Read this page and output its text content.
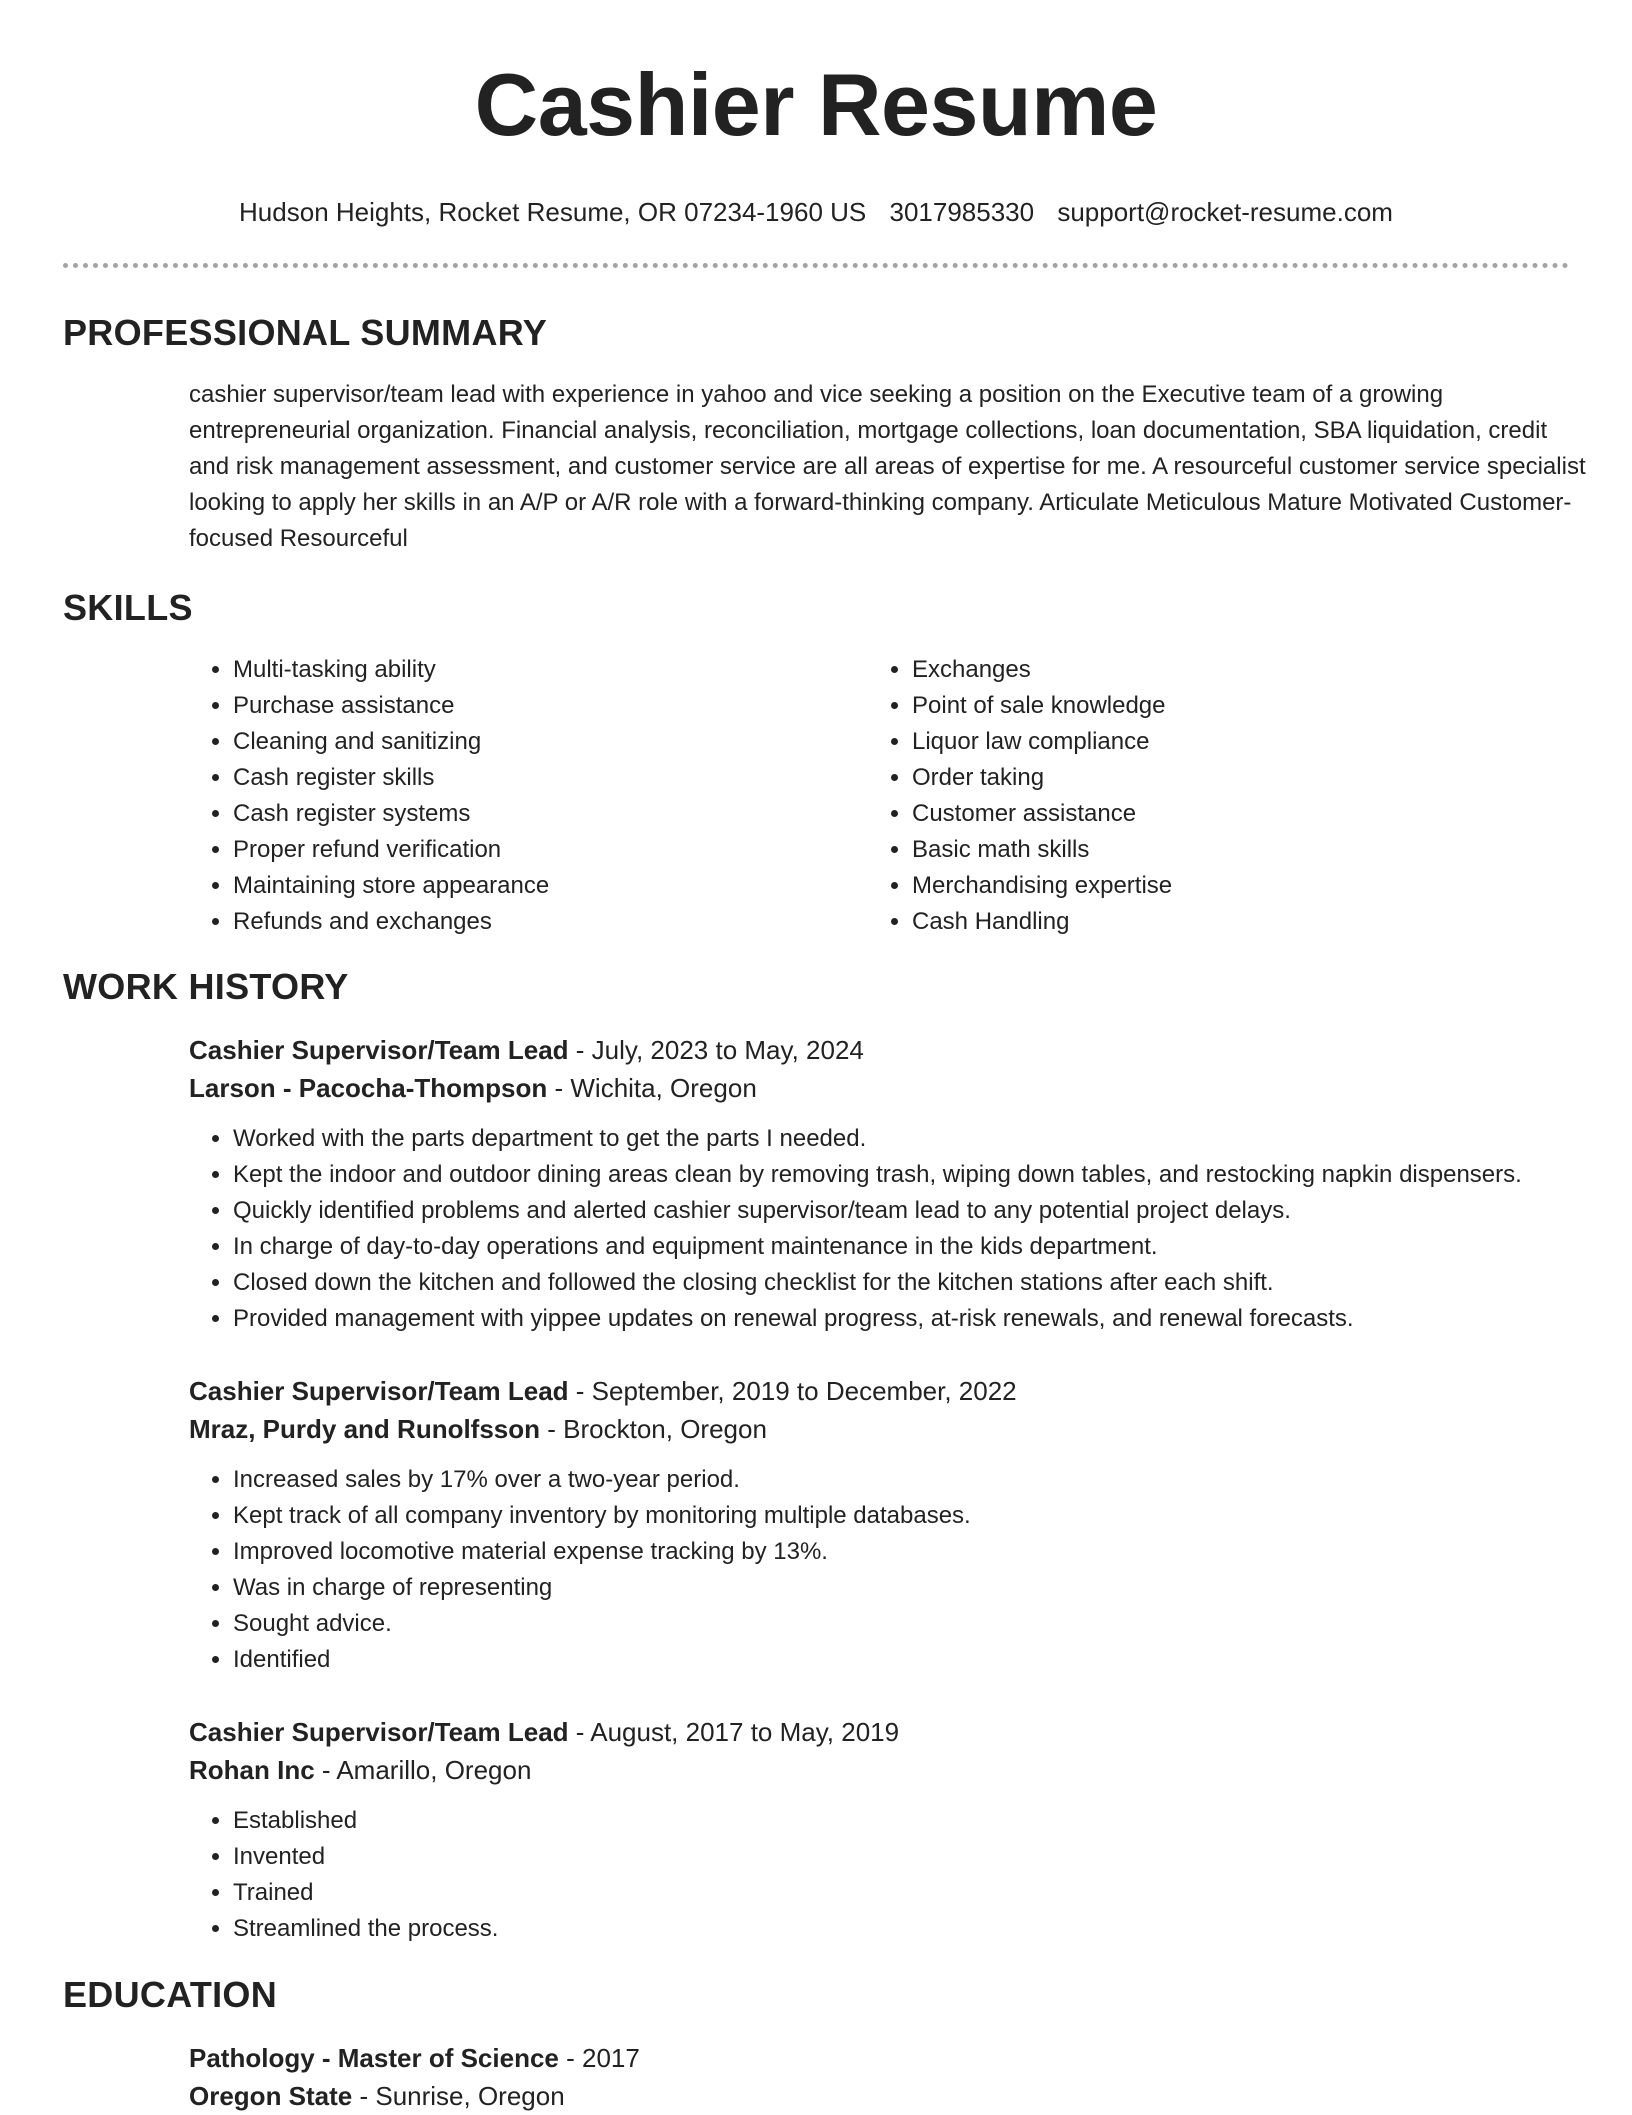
Cashier Resume
Hudson Heights, Rocket Resume, OR 07234-1960 US 3017985330 support@rocket-resume.com
PROFESSIONAL SUMMARY

cashier supervisor/team lead with experience in yahoo and vice seeking a position on the Executive team of a growing entrepreneurial organization. Financial analysis, reconciliation, mortgage collections, loan documentation, SBA liquidation, credit and risk management assessment, and customer service are all areas of expertise for me. A resourceful customer service specialist looking to apply her skills in an A/P or A/R role with a forward-thinking company. Articulate Meticulous Mature Motivated Customer-focused Resourceful

SKILLS
• Multi-tasking ability
• Purchase assistance
• Cleaning and sanitizing
• Cash register skills
• Cash register systems
• Proper refund verification
• Maintaining store appearance
• Refunds and exchanges
• Exchanges
• Point of sale knowledge
• Liquor law compliance
• Order taking
• Customer assistance
• Basic math skills
• Merchandising expertise
• Cash Handling
WORK HISTORY
Cashier Supervisor/Team Lead - July, 2023 to May, 2024
Larson - Pacocha-Thompson - Wichita, Oregon
• Worked with the parts department to get the parts I needed.
• Kept the indoor and outdoor dining areas clean by removing trash, wiping down tables, and restocking napkin dispensers.
• Quickly identified problems and alerted cashier supervisor/team lead to any potential project delays.
• In charge of day-to-day operations and equipment maintenance in the kids department.
• Closed down the kitchen and followed the closing checklist for the kitchen stations after each shift.
• Provided management with yippee updates on renewal progress, at-risk renewals, and renewal forecasts.
Cashier Supervisor/Team Lead - September, 2019 to December, 2022
Mraz, Purdy and Runolfsson - Brockton, Oregon
• Increased sales by 17% over a two-year period.
• Kept track of all company inventory by monitoring multiple databases.
• Improved locomotive material expense tracking by 13%.
• Was in charge of representing
• Sought advice.
• Identified
Cashier Supervisor/Team Lead - August, 2017 to May, 2019
Rohan Inc - Amarillo, Oregon
• Established
• Invented
• Trained
• Streamlined the process.
EDUCATION
Pathology - Master of Science - 2017
Oregon State - Sunrise, Oregon
